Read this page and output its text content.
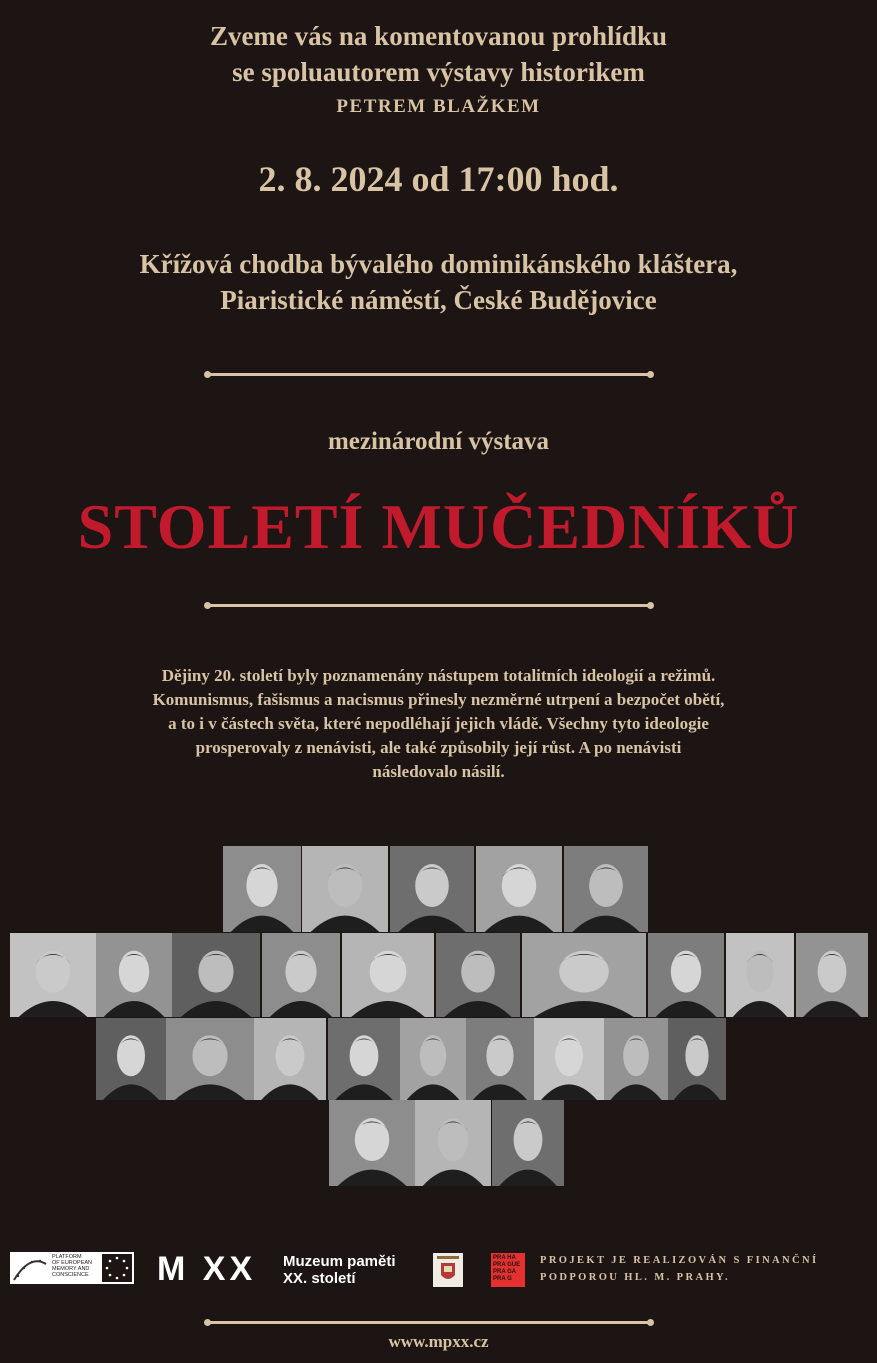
Zveme vás na komentovanou prohlídku
se spoluautorem výstavy historikem
PETREM BLAŽKEM
2. 8. 2024 od 17:00 hod.
Křížová chodba bývalého dominikánského kláštera,
Piaristické náměstí, České Budějovice
mezinárodní výstava
STOLETÍ MUČEDNÍKŮ
Dějiny 20. století byly poznamenány nástupem totalitních ideologií a režimů.
Komunismus, fašismus a nacismus přinesly nezměrné utrpení a bezpočet obětí,
a to i v částech světa, které nepodléhají jejich vládě. Všechny tyto ideologie
prosperovaly z nenávisti, ale také způsobily její růst. A po nenávisti
následovalo násilí.
PLATFORM
OF EUROPEAN
MEMORY AND
CONSCIENCE	M XX Muzeum paměti
XX. století
PRA HA
PRA GUE
PRA GA
PRA G
PROJEKT JE REALIZOVÁN S FINANČNÍ
PODPOROU HL. M. PRAHY.
www.mpxx.cz
